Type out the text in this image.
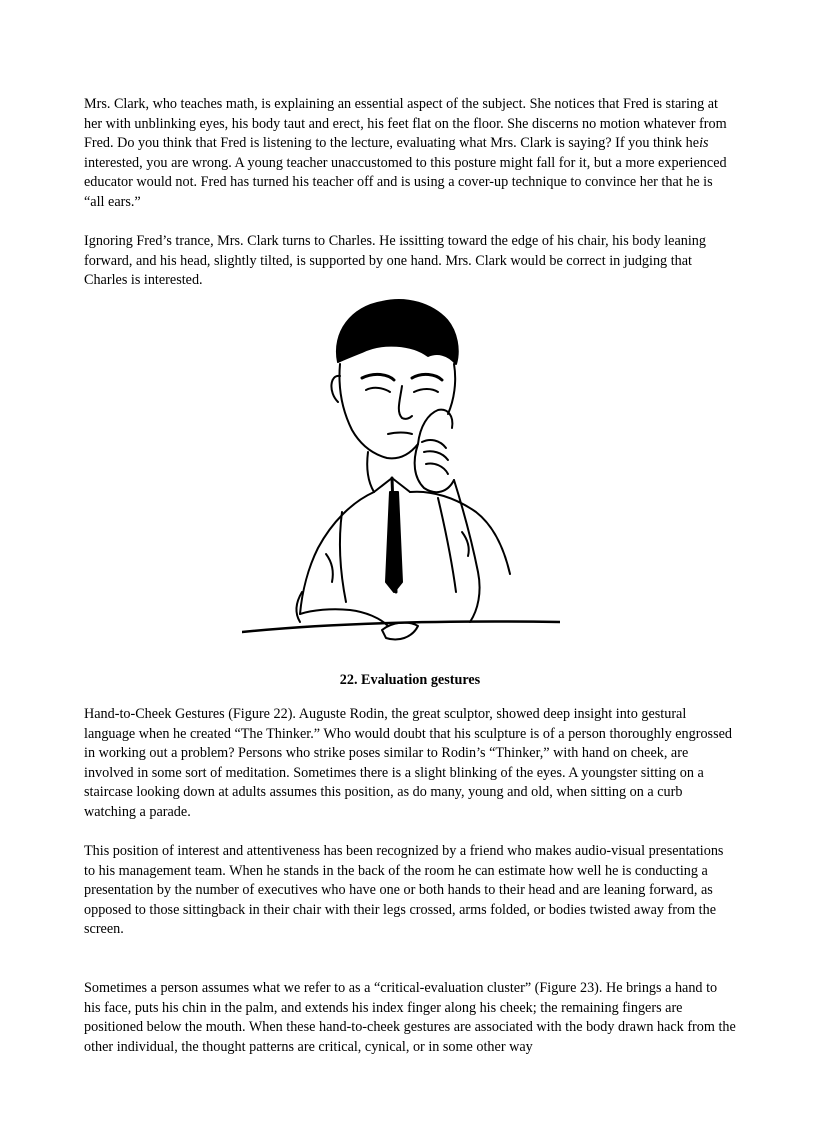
Mrs. Clark, who teaches math, is explaining an essential aspect of the subject. She notices that Fred is staring at her with unblinking eyes, his body taut and erect, his feet flat on the floor. She discerns no motion whatever from Fred. Do you think that Fred is listening to the lecture, evaluating what Mrs. Clark is saying? If you think heis interested, you are wrong. A young teacher unaccustomed to this posture might fall for it, but a more experienced educator would not. Fred has turned his teacher off and is using a cover-up technique to convince her that he is “all ears.”

Ignoring Fred’s trance, Mrs. Clark turns to Charles. He issitting toward the edge of his chair, his body leaning forward, and his head, slightly tilted, is supported by one hand. Mrs. Clark would be correct in judging that Charles is interested.

22. Evaluation gestures

Hand-to-Cheek Gestures (Figure 22). Auguste Rodin, the great sculptor, showed deep insight into gestural language when he created “The Thinker.” Who would doubt that his sculpture is of a person thoroughly engrossed in working out a problem? Persons who strike poses similar to Rodin’s “Thinker,” with hand on cheek, are involved in some sort of meditation. Sometimes there is a slight blinking of the eyes. A youngster sitting on a staircase looking down at adults assumes this position, as do many, young and old, when sitting on a curb watching a parade.

This position of interest and attentiveness has been recognized by a friend who makes audio-visual presentations to his management team. When he stands in the back of the room he can estimate how well he is conducting a presentation by the number of executives who have one or both hands to their head and are leaning forward, as opposed to those sittingback in their chair with their legs crossed, arms folded, or bodies twisted away from the screen.

Sometimes a person assumes what we refer to as a “critical-evaluation cluster” (Figure 23). He brings a hand to his face, puts his chin in the palm, and extends his index finger along his cheek; the remaining fingers are positioned below the mouth. When these hand-to-cheek gestures are associated with the body drawn hack from the other individual, the thought patterns are critical, cynical, or in some other way
